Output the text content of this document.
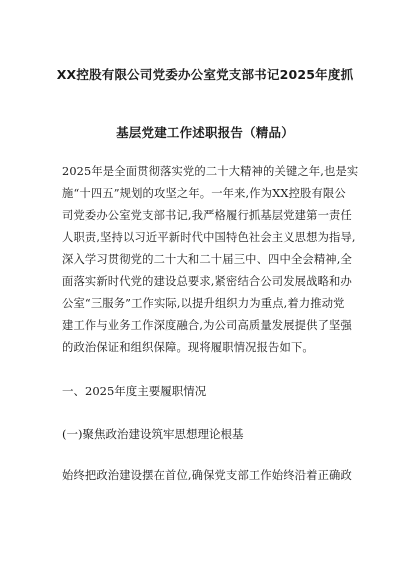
XX控股有限公司党委办公室党支部书记2025年度抓
基层党建工作述职报告（精品）
2025年是全面贯彻落实党的二十大精神的关键之年,也是实
施“十四五”规划的攻坚之年。一年来,作为XX控股有限公
司党委办公室党支部书记,我严格履行抓基层党建第一责任
人职责,坚持以习近平新时代中国特色社会主义思想为指导,
深入学习贯彻党的二十大和二十届三中、四中全会精神,全
面落实新时代党的建设总要求,紧密结合公司发展战略和办
公室“三服务”工作实际,以提升组织力为重点,着力推动党
建工作与业务工作深度融合,为公司高质量发展提供了坚强
的政治保证和组织保障。现将履职情况报告如下。
一、2025年度主要履职情况
(一)聚焦政治建设筑牢思想理论根基
始终把政治建设摆在首位,确保党支部工作始终沿着正确政
